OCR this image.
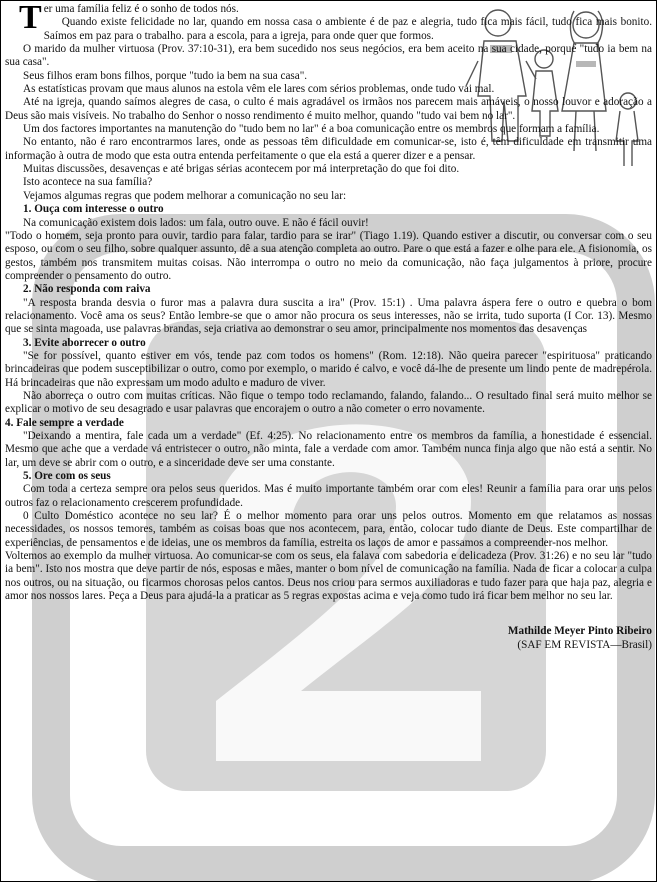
Ter uma família feliz é o sonho de todos nós.

Quando existe felicidade no lar, quando em nossa casa o ambiente é de paz e alegria, tudo fica mais fácil, tudo fica mais bonito. Saímos em paz para o trabalho. para a escola, para a igreja, para onde quer que formos.

O marido da mulher virtuosa (Prov. 37:10-31), era bem sucedido nos seus negócios, era bem aceito na sua cidade, porque "tudo ia bem na sua casa".

Seus filhos eram bons filhos, porque "tudo ia bem na sua casa".

As estatísticas provam que maus alunos na estola vêm ele lares com sérios problemas, onde tudo vai mal.

Até na igreja, quando saímos alegres de casa, o culto é mais agradável os irmãos nos parecem mais amáveis, o nosso louvor e adoração a Deus são mais visíveis. No trabalho do Senhor o nosso rendimento é muito melhor, quando "tudo vai bem no lar".

Um dos factores importantes na manutenção do "tudo bem no lar" é a boa comunicação entre os membros que formam a família.

No entanto, não é raro encontrarmos lares, onde as pessoas têm dificuldade em comunicar-se, isto é, têm dificuldade em transmitir uma informação à outra de modo que esta outra entenda perfeitamente o que ela está a querer dizer e a pensar.

Muitas discussões, desavenças e até brigas sérias acontecem por má interpretação do que foi dito.

Isto acontece na sua família?

Vejamos algumas regras que podem melhorar a comunicação no seu lar:

1. Ouça com interesse o outro

Na comunicação existem dois lados: um fala, outro ouve. E não é fácil ouvir!

"Todo o homem, seja pronto para ouvir, tardio para falar, tardio para se irar" (Tiago 1.19). Quando estiver a discutir, ou conversar com o seu esposo, ou com o seu filho, sobre qualquer assunto, dê a sua atenção completa ao outro. Pare o que está a fazer e olhe para ele. A fisionomia, os gestos, também nos transmitem muitas coisas. Não interrompa o outro no meio da comunicação, não faça julgamentos à priore, procure compreender o pensamento do outro.

2. Não responda com raiva

"A resposta branda desvia o furor mas a palavra dura suscita a ira" (Prov. 15:1) . Uma palavra áspera fere o outro e quebra o bom relacionamento. Você ama os seus? Então lembre-se que o amor não procura os seus interesses, não se irrita, tudo suporta (I Cor. 13). Mesmo que se sinta magoada, use palavras brandas, seja criativa ao demonstrar o seu amor, principalmente nos momentos das desavenças

3. Evite aborrecer o outro

"Se for possível, quanto estiver em vós, tende paz com todos os homens" (Rom. 12:18). Não queira parecer "espirituosa" praticando brincadeiras que podem susceptibilizar o outro, como por exemplo, o marido é calvo, e você dá-lhe de presente um lindo pente de madrepérola. Há brincadeiras que não expressam um modo adulto e maduro de viver.

Não aborreça o outro com muitas críticas. Não fique o tempo todo reclamando, falando, falando... O resultado final será muito melhor se explicar o motivo de seu desagrado e usar palavras que encorajem o outro a não cometer o erro novamente.

4. Fale sempre a verdade

"Deixando a mentira, fale cada um a verdade" (Ef. 4:25). No relacionamento entre os membros da família, a honestidade é essencial. Mesmo que ache que a verdade vá entristecer o outro, não minta, fale a verdade com amor. Também nunca finja algo que não está a sentir. No lar, um deve se abrir com o outro, e a sinceridade deve ser uma constante.

5. Ore com os seus

Com toda a certeza sempre ora pelos seus queridos. Mas é muito importante também orar com eles! Reunir a família para orar uns pelos outros faz o relacionamento crescerem profundidade.

0 Culto Doméstico acontece no seu lar? É o melhor momento para orar uns pelos outros. Momento em que relatamos as nossas necessidades, os nossos temores, também as coisas boas que nos acontecem, para, então, colocar tudo diante de Deus. Este compartilhar de experiências, de pensamentos e de ideias, une os membros da família, estreita os laços de amor e passamos a compreender-nos melhor.

Voltemos ao exemplo da mulher virtuosa. Ao comunicar-se com os seus, ela falava com sabedoria e delicadeza (Prov. 31:26) e no seu lar "tudo ia bem". Isto nos mostra que deve partir de nós, esposas e mães, manter o bom nível de comunicação na família. Nada de ficar a colocar a culpa nos outros, ou na situação, ou ficarmos chorosas pelos cantos. Deus nos criou para sermos auxiliadoras e tudo fazer para que haja paz, alegria e amor nos nossos lares. Peça a Deus para ajudá-la a praticar as 5 regras expostas acima e veja como tudo irá ficar bem melhor no seu lar.

Mathilde Meyer Pinto Ribeiro
(SAF EM REVISTA—Brasil)
